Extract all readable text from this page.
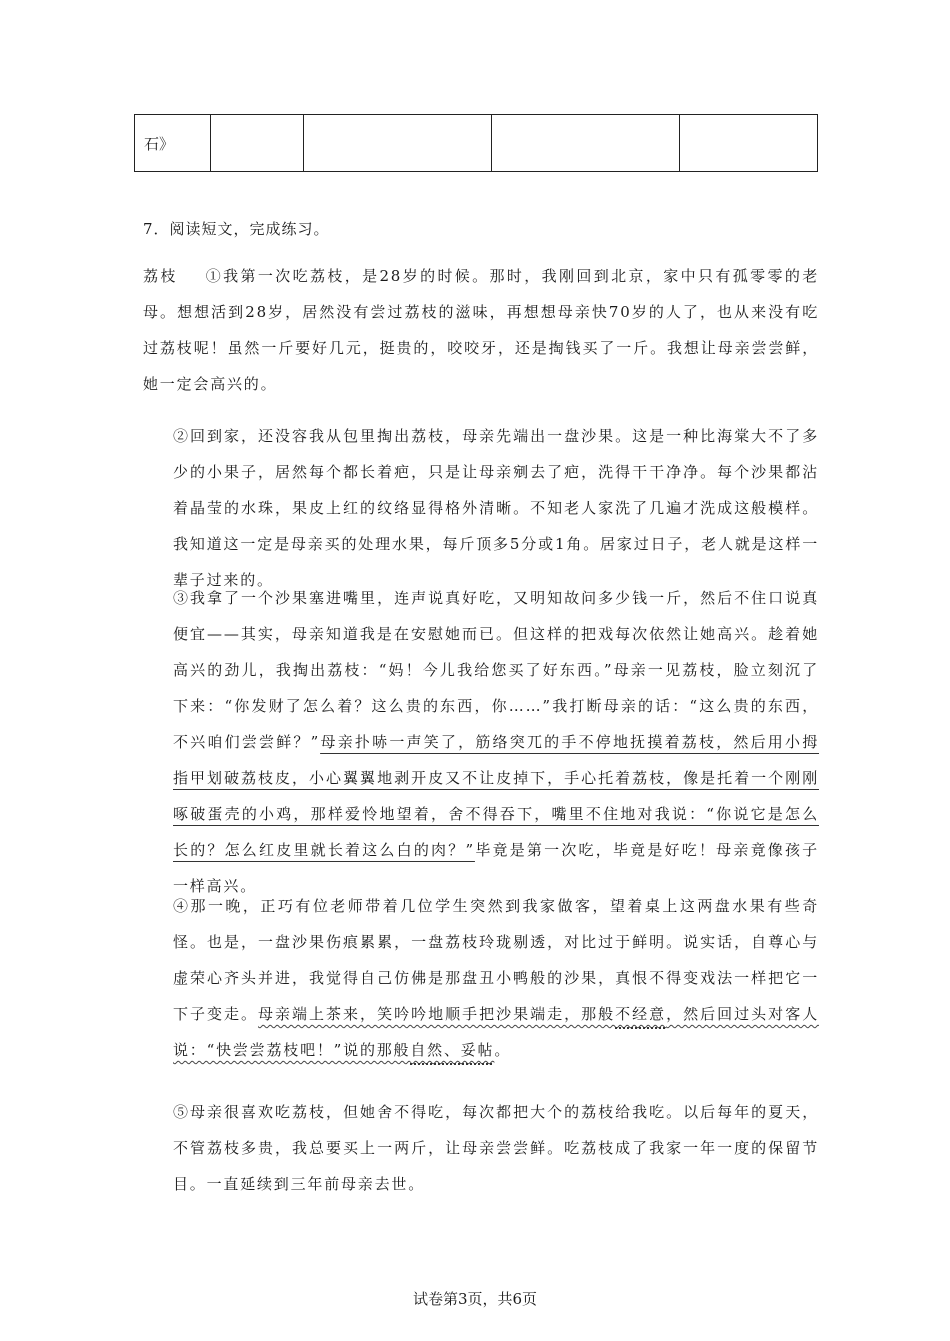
石》				
7．阅读短文，完成练习。

荔枝 ①我第一次吃荔枝，是28岁的时候。那时，我刚回到北京，家中只有孤零零的老母。想想活到28岁，居然没有尝过荔枝的滋味，再想想母亲快70岁的人了，也从来没有吃过荔枝呢！虽然一斤要好几元，挺贵的，咬咬牙，还是掏钱买了一斤。我想让母亲尝尝鲜，她一定会高兴的。

②回到家，还没容我从包里掏出荔枝，母亲先端出一盘沙果。这是一种比海棠大不了多少的小果子，居然每个都长着疤，只是让母亲剜去了疤，洗得干干净净。每个沙果都沾着晶莹的水珠，果皮上红的纹络显得格外清晰。不知老人家洗了几遍才洗成这般模样。我知道这一定是母亲买的处理水果，每斤顶多5分或1角。居家过日子，老人就是这样一辈子过来的。

③我拿了一个沙果塞进嘴里，连声说真好吃，又明知故问多少钱一斤，然后不住口说真便宜——其实，母亲知道我是在安慰她而已。但这样的把戏每次依然让她高兴。趁着她高兴的劲儿，我掏出荔枝：“妈！今儿我给您买了好东西。”母亲一见荔枝，脸立刻沉了下来：“你发财了怎么着？这么贵的东西，你……”我打断母亲的话：“这么贵的东西，不兴咱们尝尝鲜？”母亲扑哧一声笑了，筋络突兀的手不停地抚摸着荔枝，然后用小拇指甲划破荔枝皮，小心翼翼地剥开皮又不让皮掉下，手心托着荔枝，像是托着一个刚刚啄破蛋壳的小鸡，那样爱怜地望着，舍不得吞下，嘴里不住地对我说：“你说它是怎么长的？怎么红皮里就长着这么白的肉？”毕竟是第一次吃，毕竟是好吃！母亲竟像孩子一样高兴。

④那一晚，正巧有位老师带着几位学生突然到我家做客，望着桌上这两盘水果有些奇怪。也是，一盘沙果伤痕累累，一盘荔枝玲珑剔透，对比过于鲜明。说实话，自尊心与虚荣心齐头并进，我觉得自己仿佛是那盘丑小鸭般的沙果，真恨不得变戏法一样把它一下子变走。母亲端上茶来，笑吟吟地顺手把沙果端走，那般不经意，然后回过头对客人说：“快尝尝荔枝吧！”说的那般自然、妥帖。

⑤母亲很喜欢吃荔枝，但她舍不得吃，每次都把大个的荔枝给我吃。以后每年的夏天，不管荔枝多贵，我总要买上一两斤，让母亲尝尝鲜。吃荔枝成了我家一年一度的保留节目。一直延续到三年前母亲去世。

试卷第3页，共6页
